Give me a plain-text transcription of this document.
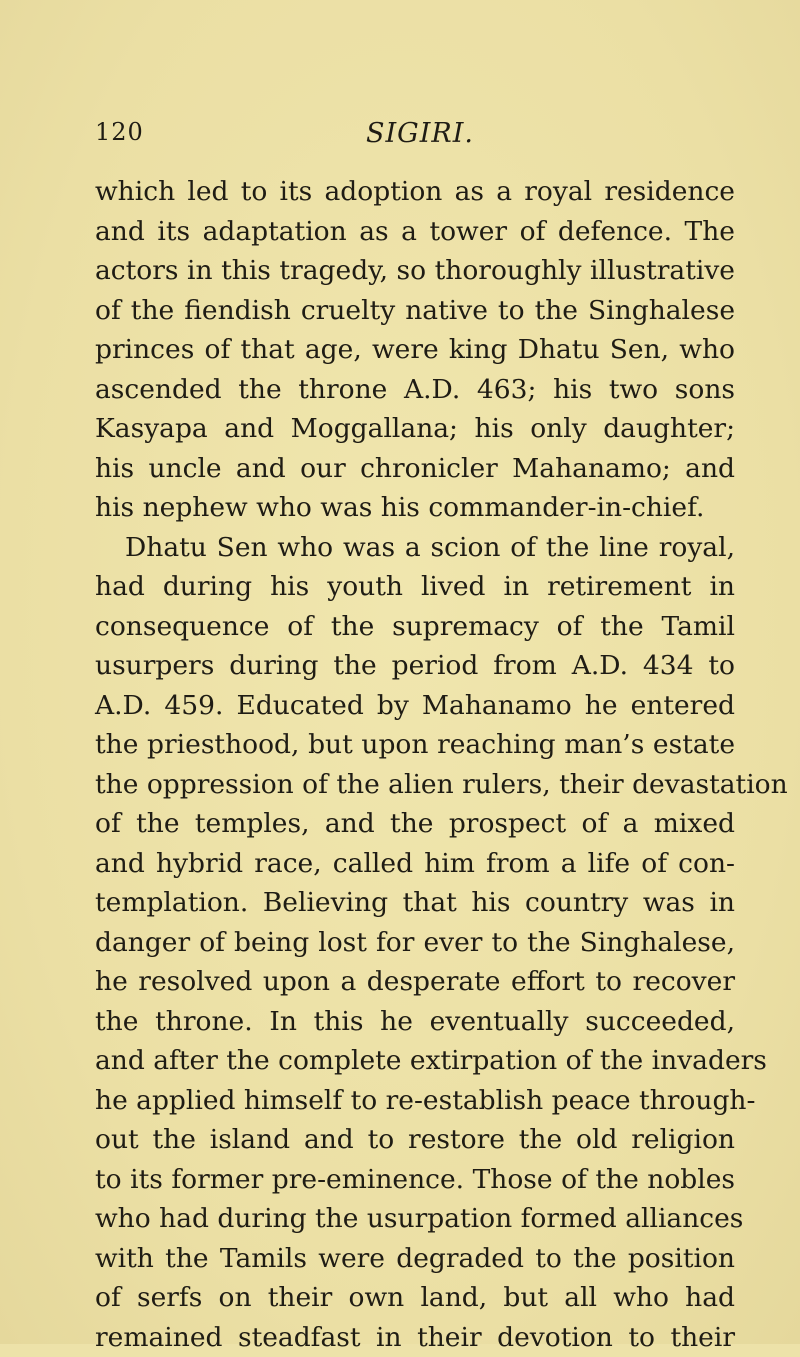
120	SIGIRI.
which led to its adoption as a royal residence
and its adaptation as a tower of defence. The
actors in this tragedy, so thoroughly illustrative
of the fiendish cruelty native to the Singhalese
princes of that age, were king Dhatu Sen, who
ascended the throne A.D. 463; his two sons
Kasyapa and Moggallana; his only daughter;
his uncle and our chronicler Mahanamo; and
his nephew who was his commander-in-chief.
Dhatu Sen who was a scion of the line royal,
had during his youth lived in retirement in
consequence of the supremacy of the Tamil
usurpers during the period from A.D. 434 to
A.D. 459. Educated by Mahanamo he entered
the priesthood, but upon reaching man’s estate
the oppression of the alien rulers, their devastation
of the temples, and the prospect of a mixed
and hybrid race, called him from a life of con-
templation. Believing that his country was in
danger of being lost for ever to the Singhalese,
he resolved upon a desperate effort to recover
the throne. In this he eventually succeeded,
and after the complete extirpation of the invaders
he applied himself to re-establish peace through-
out the island and to restore the old religion
to its former pre-eminence. Those of the nobles
who had during the usurpation formed alliances
with the Tamils were degraded to the position
of serfs on their own land, but all who had
remained steadfast in their devotion to their
